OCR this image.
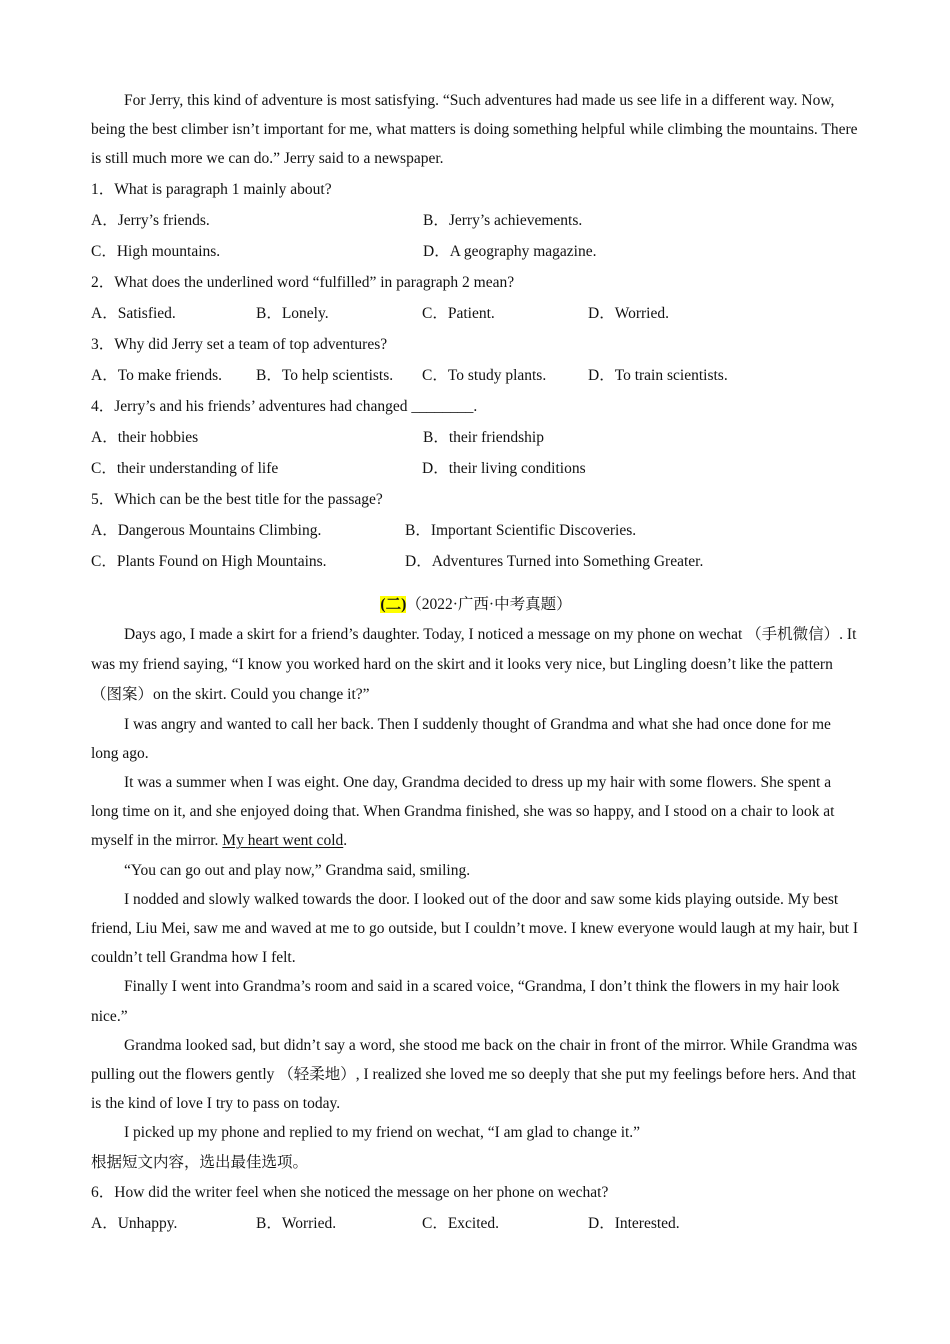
For Jerry, this kind of adventure is most satisfying. “Such adventures had made us see life in a different way. Now, being the best climber isn’t important for me, what matters is doing something helpful while climbing the mountains. There is still much more we can do.” Jerry said to a newspaper.

1．What is paragraph 1 mainly about?
A．Jerry’s friends.	B．Jerry’s achievements.
C．High mountains.	D．A geography magazine.
2．What does the underlined word “fulfilled” in paragraph 2 mean?
A．Satisfied.	B．Lonely.	C．Patient.	D．Worried.
3．Why did Jerry set a team of top adventures?
A．To make friends. B．To help scientists. C．To study plants.	D．To train scientists.
4．Jerry’s and his friends’ adventures had changed ________.
A．their hobbies	B．their friendship
C．their understanding of life	D．their living conditions
5．Which can be the best title for the passage?
A．Dangerous Mountains Climbing.	B．Important Scientific Discoveries.
C．Plants Found on High Mountains.	D．Adventures Turned into Something Greater.
(二)（2022·广西·中考真题）

Days ago, I made a skirt for a friend’s daughter. Today, I noticed a message on my phone on wechat （手机微信）. It was my friend saying, “I know you worked hard on the skirt and it looks very nice, but Lingling doesn’t like the pattern（图案）on the skirt. Could you change it?”

I was angry and wanted to call her back. Then I suddenly thought of Grandma and what she had once done for me long ago.

It was a summer when I was eight. One day, Grandma decided to dress up my hair with some flowers. She spent a long time on it, and she enjoyed doing that. When Grandma finished, she was so happy, and I stood on a chair to look at myself in the mirror. My heart went cold.

“You can go out and play now,” Grandma said, smiling.

I nodded and slowly walked towards the door. I looked out of the door and saw some kids playing outside. My best friend, Liu Mei, saw me and waved at me to go outside, but I couldn’t move. I knew everyone would laugh at my hair, but I couldn’t tell Grandma how I felt.

Finally I went into Grandma’s room and said in a scared voice, “Grandma, I don’t think the flowers in my hair look nice.”

Grandma looked sad, but didn’t say a word, she stood me back on the chair in front of the mirror. While Grandma was pulling out the flowers gently （轻柔地）, I realized she loved me so deeply that she put my feelings before hers. And that is the kind of love I try to pass on today.

I picked up my phone and replied to my friend on wechat, “I am glad to change it.”

根据短文内容，选出最佳选项。
6．How did the writer feel when she noticed the message on her phone on wechat?
A．Unhappy.	B．Worried.	C．Excited.	D．Interested.
